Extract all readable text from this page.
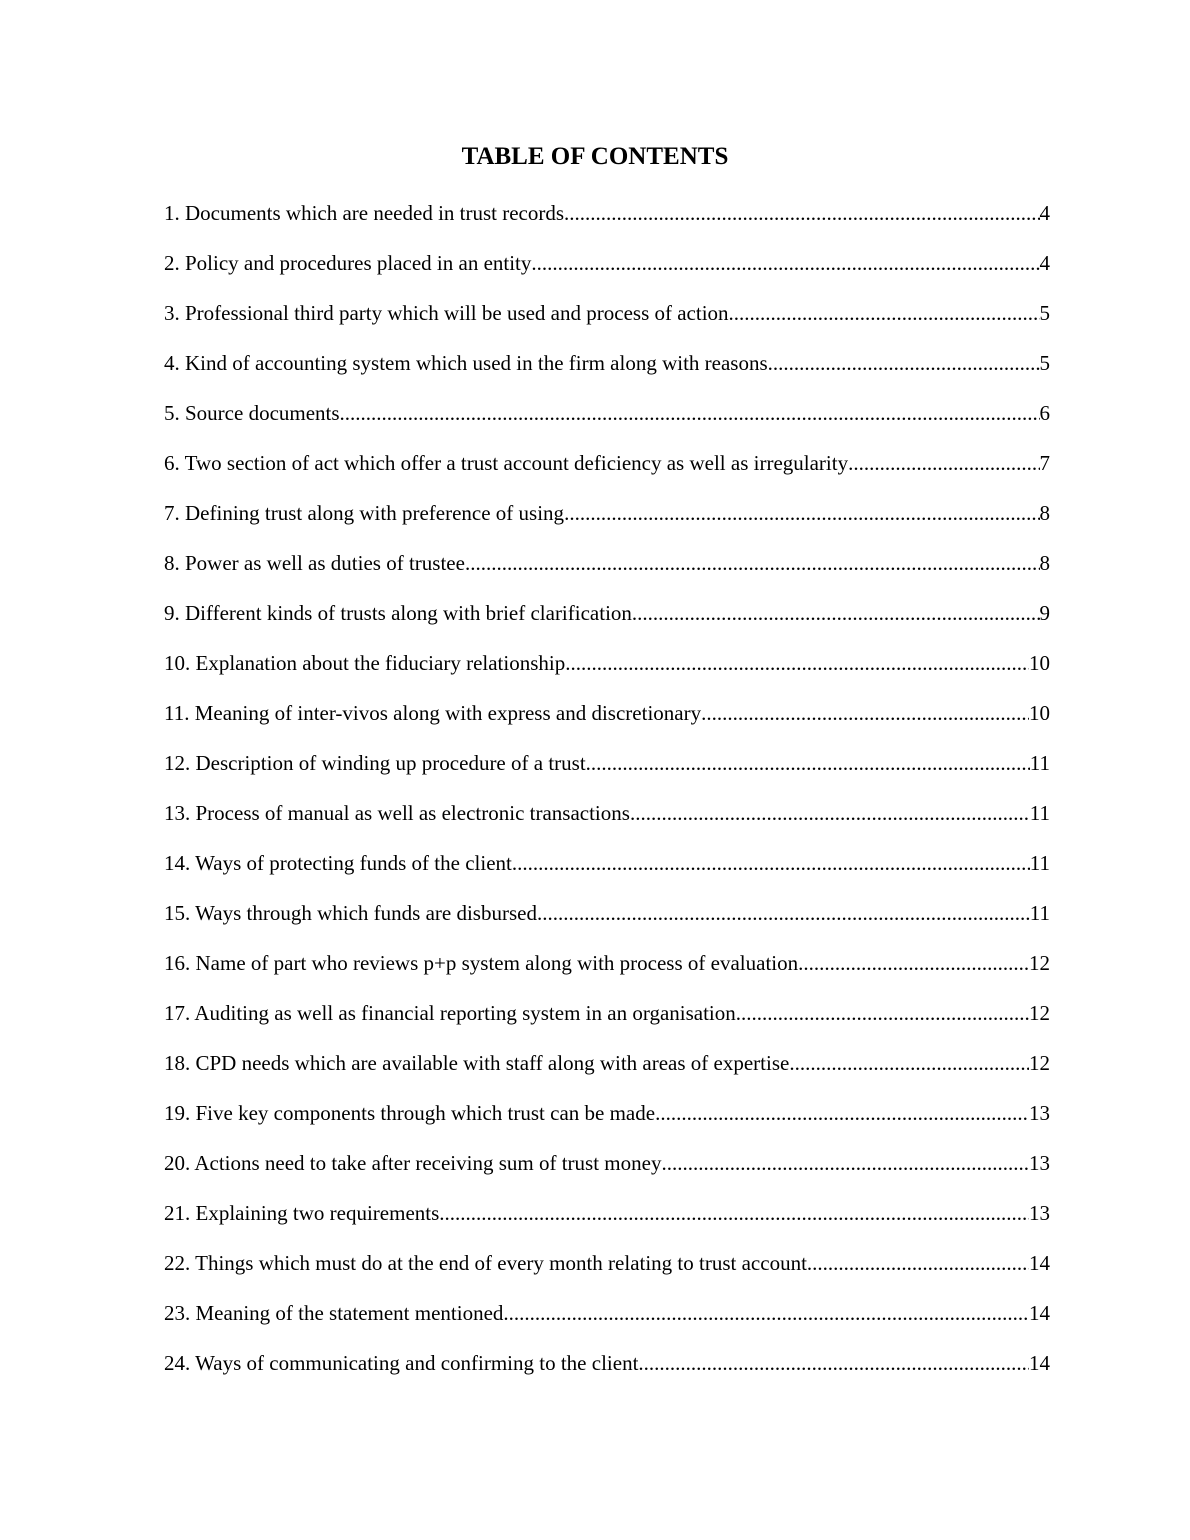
TABLE OF CONTENTS
1. Documents which are needed in trust records .....	4
2. Policy and procedures placed in an entity .....	4
3. Professional third party which will be used and process of action .....	5
4. Kind of accounting system which used in the firm along with reasons .....	5
5. Source documents .....	6
6. Two section of act which offer a trust account deficiency as well as irregularity .....	7
7. Defining trust along with preference of using .....	8
8. Power as well as duties of trustee .....	8
9. Different kinds of trusts along with brief clarification .....	9
10. Explanation about the fiduciary relationship .....	10
11. Meaning of inter-vivos along with express and discretionary .....	10
12. Description of winding up procedure of a trust .....	11
13. Process of manual as well as electronic transactions .....	11
14. Ways of protecting funds of the client .....	11
15. Ways through which funds are disbursed .....	11
16. Name of part who reviews p+p system along with process of evaluation .....	12
17. Auditing as well as financial reporting system in an organisation .....	12
18. CPD needs which are available with staff along with areas of expertise .....	12
19. Five key components through which trust can be made .....	13
20. Actions need to take after receiving sum of trust money .....	13
21. Explaining two requirements .....	13
22. Things which must do at the end of every month relating to trust account .....	14
23. Meaning of the statement mentioned .....	14
24. Ways of communicating and confirming to the client .....	14
